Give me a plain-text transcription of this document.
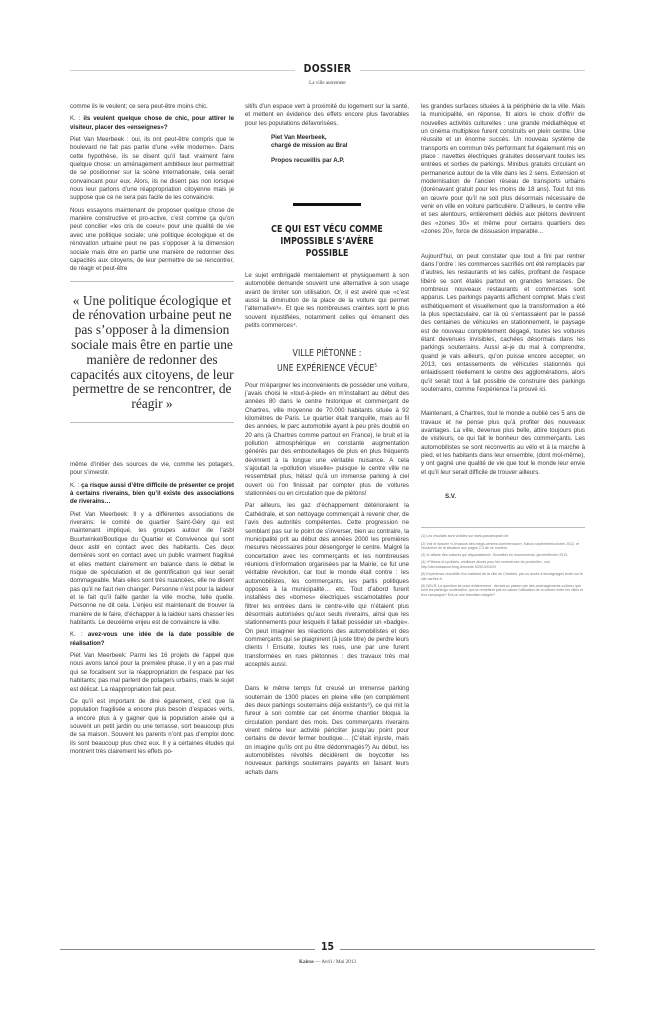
DOSSIER
La ville autrement

comme ils le veulent; ce sera peut-être moins chic.

K. : ils veulent quelque chose de chic, pour attirer le visiteur, placer des «enseignes»?

Piet Van Meerbeek : oui, ils ont peut-être compris que le boulevard ne fait pas partie d’une «ville moderne». Dans cette hypothèse, ils se disent qu’il faut vraiment faire quelque chose: un aménagement ambitieux leur permettrait de se positionner sur la scène internationale, cela serait convaincant pour eux. Alors, ils ne disent pas non lorsque nous leur parlons d’une réappropriation citoyenne mais je suppose que ce ne sera pas facile de les convaincre.

Nous essayons maintenant de proposer quelque chose de manière constructive et pro-active, c’est comme ça qu’on peut concilier «les cris de coeur» pour une qualité de vie avec une politique sociale; une politique écologique et de rénovation urbaine peut ne pas s’opposer à la dimension sociale mais être en partie une manière de redonner des capacités aux citoyens, de leur permettre de se rencontrer, de réagir et peut-être

« Une politique écologique et de rénovation urbaine peut ne pas s’opposer à la dimension sociale mais être en partie une manière de redonner des capacités aux citoyens, de leur permettre de se rencontrer, de réagir »

même d’initier des sources de vie, comme les potagers, pour s’investir.

K. : ça risque aussi d’être difficile de présenter ce projet à certains riverains, bien qu’il existe des associations de riverains…

Piet Van Meerbeek: Il y a différentes associations de riverains: le comité de quartier Saint-Géry qui est maintenant impliqué, les groupes autour de l’asbl Buurtwinkel/Boutique du Quartier et Convivence qui sont deux asbl en contact avec des habitants. Ces deux dernières sont en contact avec un public vraiment fragilisé et elles mettent clairement en balance dans le débat le risque de spéculation et de gentrification qui leur serait dommageable. Mais elles sont très nuancées, elle ne disent pas qu’il ne faut rien changer. Personne n’est pour la laideur et le fait qu’il faille garder la ville moche, telle quelle. Personne ne dit cela. L’enjeu est maintenant de trouver la manière de le faire, d’échapper à la laideur sans chasser les habitants. Le deuxième enjeu est de convaincre la ville.

K. : avez-vous une idée de la date possible de réalisation?

Piet Van Meerbeek: Parmi les 16 projets de l’appel que nous avons lancé pour la première phase, il y en a pas mal qui se focalisent sur la réappropriation de l’espace par les habitants; pas mal parlent de potagers urbains, mais le sujet est délicat. La réappropriation fait peur.

Ce qu’il est important de dire également, c’est que la population fragilisée a encore plus besoin d’espaces verts, a encore plus à y gagner que la population aisée qui a souvent un petit jardin ou une terrasse, sort beaucoup plus de sa maison. Souvent les parents n’ont pas d’emploi donc ils sont beaucoup plus chez eux. Il y a certaines études qui montrent très clairement les effets po-

sitifs d’un espace vert à proximité du logement sur la santé, et mettent en évidence des effets encore plus favorables pour les populations défavorisées.

Piet Van Meerbeek,
chargé de mission au Bral

Propos recueillis par A.P.

CE QUI EST VÉCU COMME IMPOSSIBLE S’AVÈRE POSSIBLE

Le sujet embrigadé mentalement et physiquement à son automobile demande souvent une alternative à son usage avant de limiter son utilisation. Or, il est avéré que «c’est aussi la diminution de la place de la voiture qui permet l’alternative³». Et que les nombreuses craintes sont le plus souvent injustifiées, notamment celles qui émanent des petits commerces⁴.

VILLE PIÉTONNE :
UNE EXPÉRIENCE VÉCUE$^5$

Pour m’épargner les inconvénients de posséder une voiture, j’avais choisi le «tout-à-pied» en m’installant au début des années 80 dans le centre historique et commerçant de Chartres, ville moyenne de 70.000 habitants située à 92 kilomètres de Paris. Le quartier était tranquille, mais au fil des années, le parc automobile ayant à peu près doublé en 20 ans (à Chartres comme partout en France), le bruit et la pollution atmosphérique en constante augmentation générés par des embouteillages de plus en plus fréquents devinrent à la longue une véritable nuisance. A cela s’ajoutait la «pollution visuelle» puisque le centre ville ne ressemblait plus, hélas! qu’à un immense parking à ciel ouvert où l’on finissait par compter plus de voitures stationnées ou en circulation que de piétons!

Par ailleurs, les gaz d’échappement détérioraient la Cathédrale, et son nettoyage commençait à revenir cher, de l’avis des autorités compétentes. Cette progression ne semblant pas sur le point de s’inverser, bien au contraire, la municipalité prit au début des années 2000 les premières mesures nécessaires pour désengorger le centre. Malgré la concertation avec les commerçants et les nombreuses réunions d’information organisées par la Mairie, ce fut une véritable révolution, car tout le monde était contre : les automobilistes, les commerçants, les partis politiques opposés à la municipalité… etc. Tout d’abord furent installées des «bornes» électriques escamotables pour filtrer les entrées dans le centre-ville qui n’étaient plus désormais autorisées qu’aux seuls riverains, ainsi que les stationnements pour lesquels il fallait posséder un «badge». On peut imaginer les réactions des automobilistes et des commerçants qui se plaignirent (à juste titre) de perdre leurs clients ! Ensuite, toutes les rues, une par une furent transformées en rues piétonnes : des travaux très mal acceptés aussi.

Dans le même temps fut creusé un immense parking souterrain de 1300 places en pleine ville (en complément des deux parkings souterrains déjà existants⁶), ce qui mit la fureur à son comble car cet énorme chantier bloqua la circulation pendant des mois. Des commerçants riverains virent même leur activité péricliter jusqu’au point pour certains de devoir fermer boutique… (C’était injuste, mais on imagine qu’ils ont pu être dédommagés?) Au début, les automobilistes révoltés décidèrent de boycotter les nouveaux parkings souterrains payants en faisant leurs achats dans

les grandes surfaces situées à la périphérie de la ville. Mais la municipalité, en réponse, fit alors le choix d’offrir de nouvelles activités culturelles : une grande médiathèque et un cinéma multiplexe furent construits en plein centre. Une réussite et un énorme succès. Un nouveau système de transports en commun très performant fut également mis en place : navettes électriques gratuites desservant toutes les entrées et sorties de parkings. Minibus gratuits circulant en permanence autour de la ville dans les 2 sens. Extension et modernisation de l’ancien réseau de transports urbains (dorénavant gratuit pour les moins de 18 ans). Tout fut mis en œuvre pour qu’il ne soit plus désormais nécessaire de venir en ville en voiture particulière. D’ailleurs, le centre ville et ses alentours, entièrement dédiés aux piétons devinrent des «zones 30» et même pour certains quartiers des «zones 20», force de dissuasion imparable…

Aujourd’hui, on peut constater que tout a fini par rentrer dans l’ordre : les commerces sacrifiés ont été remplacés par d’autres, les restaurants et les cafés, profitant de l’espace libéré se sont étalés partout en grandes terrasses. De nombreux nouveaux restaurants et commerces sont apparus. Les parkings payants affichent complet. Mais c’est esthétiquement et visuellement que la transformation a été la plus spectaculaire, car là où s’entassaient par le passé des centaines de véhicules en stationnement, le paysage est de nouveau complètement dégagé, toutes les voitures étant devenues invisibles, cachées désormais dans les parkings souterrains. Aussi ai-je du mal à comprendre, quand je vais ailleurs, qu’on puisse encore accepter, en 2013, ces entassements de véhicules stationnés qui enlaidissent réellement le centre des agglomérations, alors qu’il serait tout à fait possible de construire des parkings souterrains, comme l’expérience l’a prouvé ici.

Maintenant, à Chartres, tout le monde a oublié ces 5 ans de travaux et ne pense plus qu’à profiter des nouveaux avantages. La ville, devenue plus belle, attire toujours plus de visiteurs, ce qui fait le bonheur des commerçants. Les automobilistes se sont reconvertis au vélo et à la marche à pied, et les habitants dans leur ensemble, (dont moi-même), y ont gagné une qualité de vie que tout le monde leur envie et qu’il leur serait difficile de trouver ailleurs.

S.V.
(1) Les résultats sont visibles sur www.parcanspach.be
(2) Voir le dossier «L’invasion des méga-centres commerciaux», Kairos septembre/octobre 2012, et l’évolution de la situation aux pages 2-3 de ce numéro.
(3) «L’affaire des voitures qui disparaissent», Bruxelles en mouvements, janvier/février 2013.
(4) «Piétons et cyclistes, meilleurs atouts pour les commerces de proximité», voir http://decroissance.blog.lemonde.fr/2013/03/29
(5) Expérience recueillie d’un habitant de la ville de Chartres, par un accès à témoignages tenté sur le site carfree.fr.
(6) NDLR. La question se pose évidemment : devrait-on passer par des aménagements coûteux que sont les parkings souterrains, qui ne remettent pas en cause l’utilisation de la voiture entre les villes et leur campagne? Est-ce une transition obligée?
15
Kairos — Avril / Mai 2013
